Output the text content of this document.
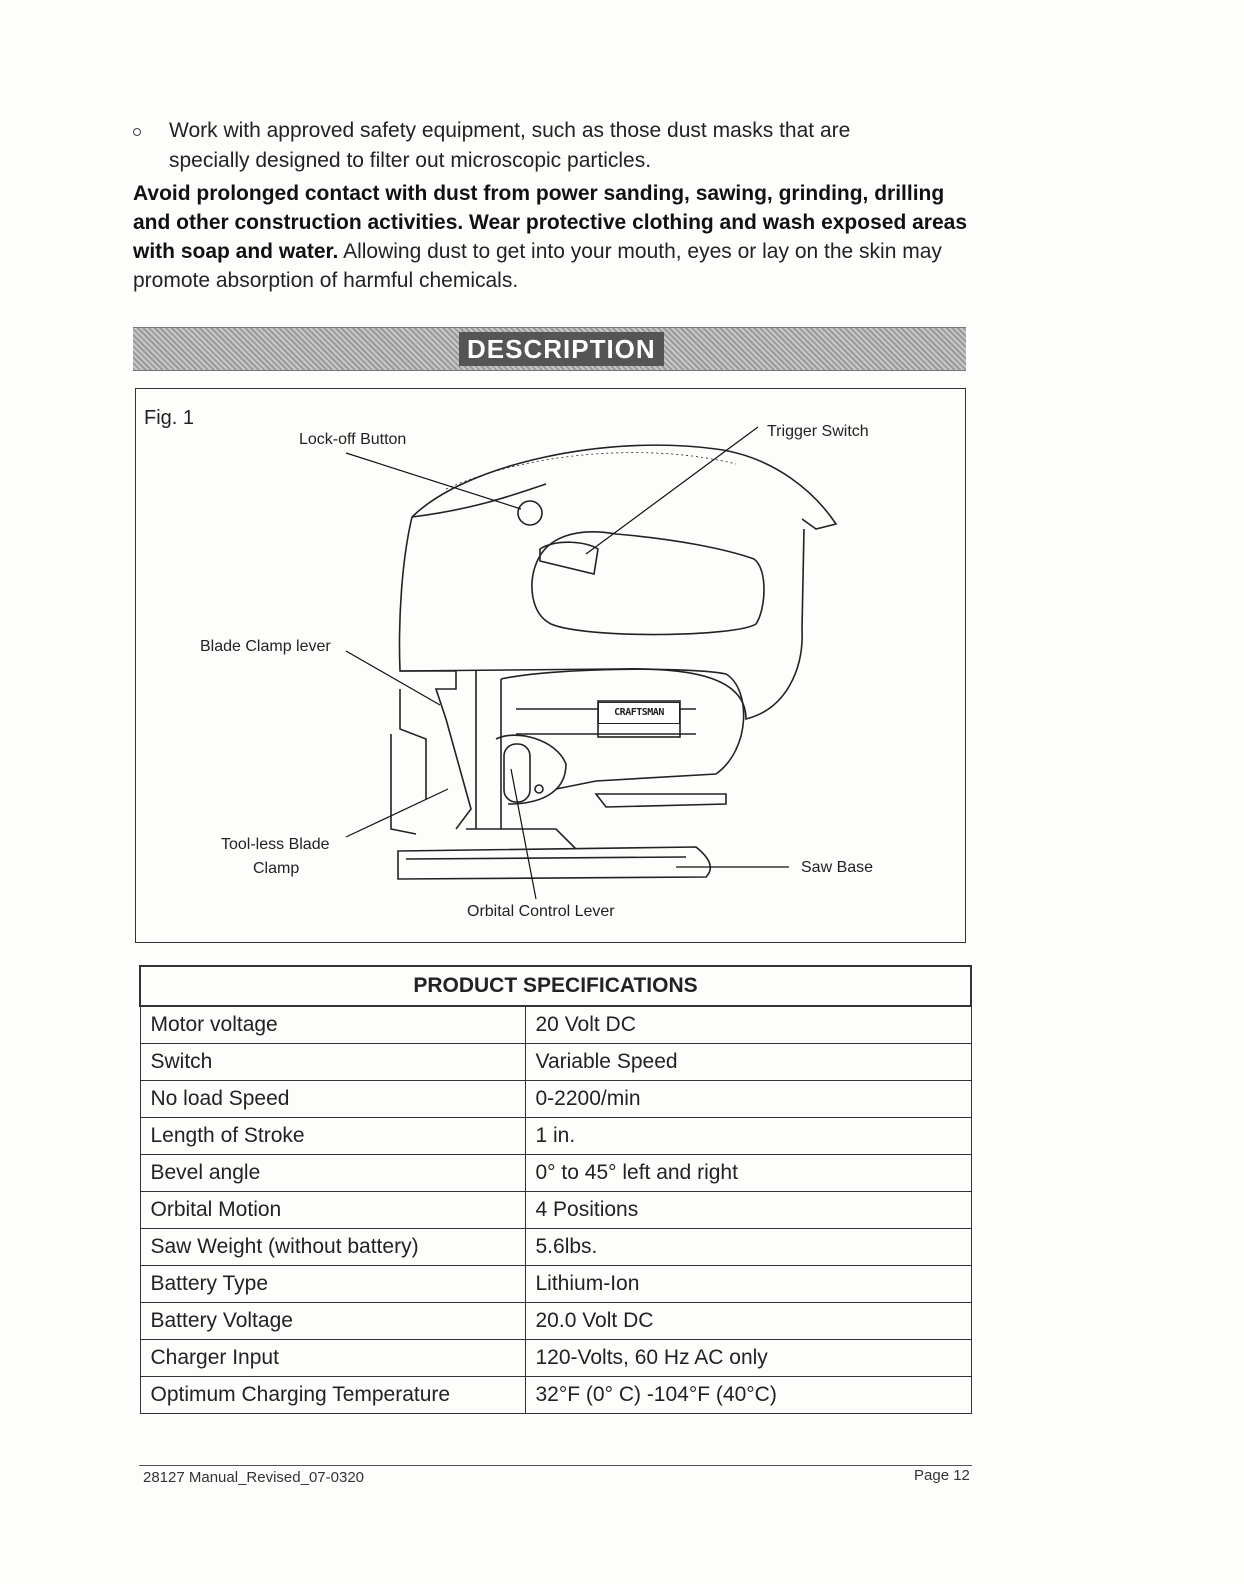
Work with approved safety equipment, such as those dust masks that are
specially designed to filter out microscopic particles.
Avoid prolonged contact with dust from power sanding, sawing, grinding, drilling and other construction activities. Wear protective clothing and wash exposed areas with soap and water. Allowing dust to get into your mouth, eyes or lay on the skin may promote absorption of harmful chemicals.
DESCRIPTION
Fig. 1
CRAFTSMAN
Lock-off Button	Trigger Switch
Blade Clamp lever
Tool-less Blade
Clamp	Saw Base
Orbital Control Lever
PRODUCT SPECIFICATIONS	
Motor voltage	20 Volt DC
Switch	Variable Speed
No load Speed	0-2200/min
Length of Stroke	1 in.
Bevel angle	0° to 45° left and right
Orbital Motion	4 Positions
Saw Weight (without battery)	5.6lbs.
Battery Type	Lithium-Ion
Battery Voltage	20.0 Volt DC
Charger Input	120-Volts, 60 Hz AC only
Optimum Charging Temperature	32°F (0° C) -104°F (40°C)
28127 Manual_Revised_07-0320	Page 12
